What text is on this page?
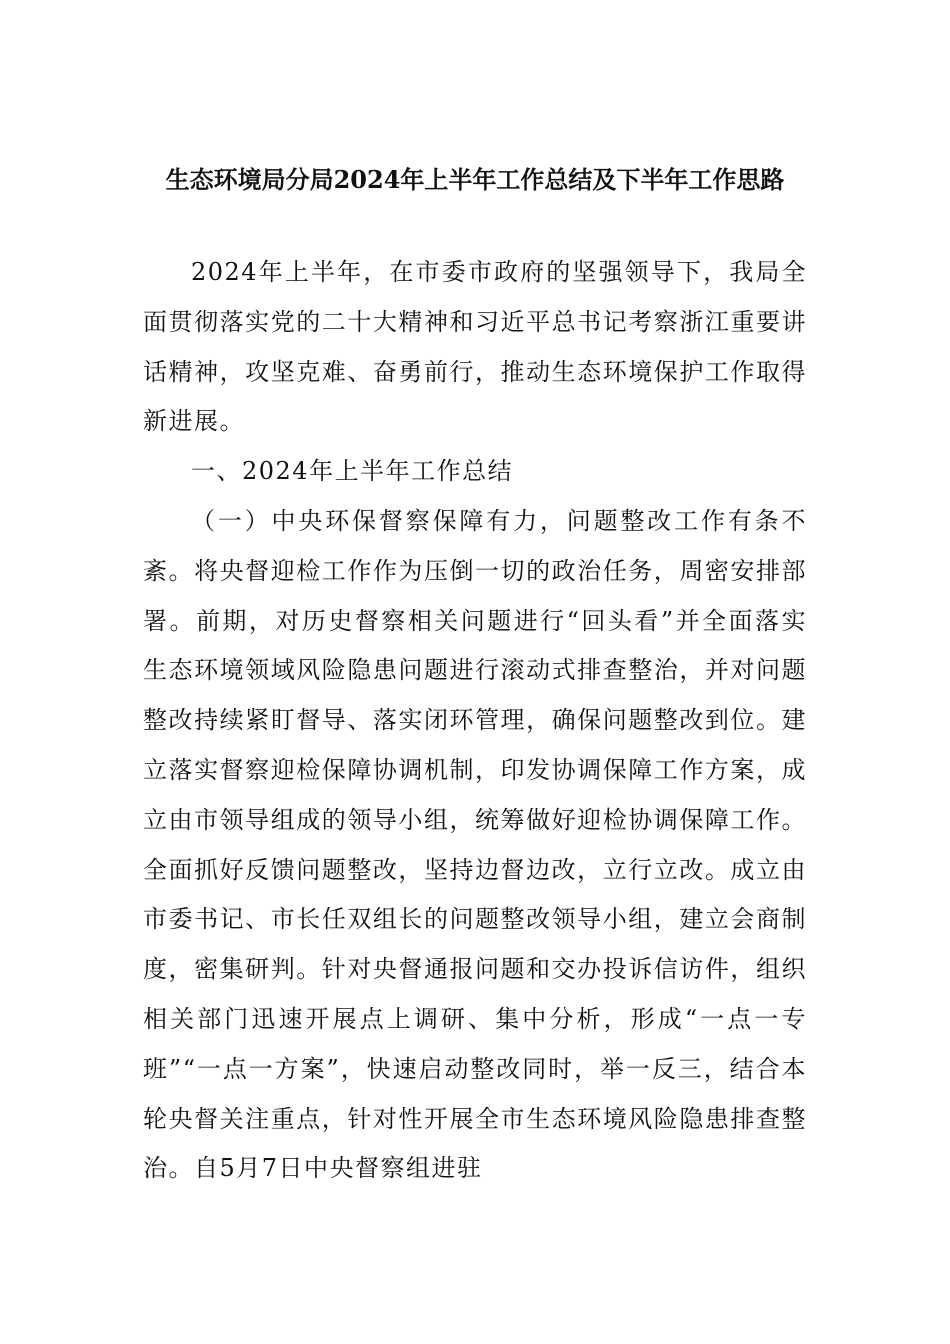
生态环境局分局2024年上半年工作总结及下半年工作思路

2024年上半年，在市委市政府的坚强领导下，我局全面贯彻落实党的二十大精神和习近平总书记考察浙江重要讲话精神，攻坚克难、奋勇前行，推动生态环境保护工作取得新进展。

一、2024年上半年工作总结

（一）中央环保督察保障有力，问题整改工作有条不紊。将央督迎检工作作为压倒一切的政治任务，周密安排部署。前期，对历史督察相关问题进行“回头看”并全面落实生态环境领域风险隐患问题进行滚动式排查整治，并对问题整改持续紧盯督导、落实闭环管理，确保问题整改到位。建立落实督察迎检保障协调机制，印发协调保障工作方案，成立由市领导组成的领导小组，统筹做好迎检协调保障工作。全面抓好反馈问题整改，坚持边督边改，立行立改。成立由市委书记、市长任双组长的问题整改领导小组，建立会商制度，密集研判。针对央督通报问题和交办投诉信访件，组织相关部门迅速开展点上调研、集中分析，形成“一点一专班”“一点一方案”，快速启动整改同时，举一反三，结合本轮央督关注重点，针对性开展全市生态环境风险隐患排查整治。自5月7日中央督察组进驻
